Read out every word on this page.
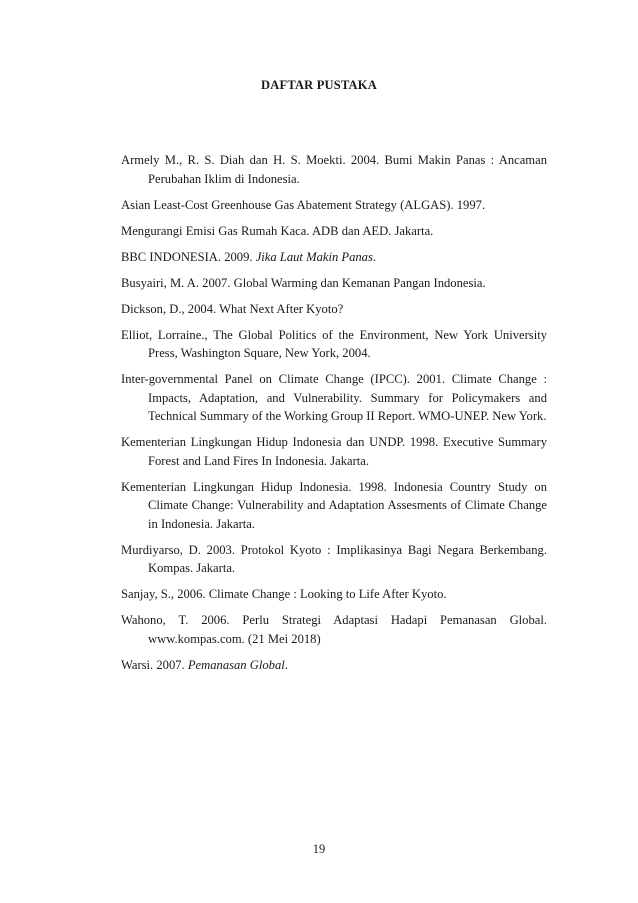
DAFTAR PUSTAKA
Armely M., R. S. Diah dan H. S. Moekti. 2004. Bumi Makin Panas : Ancaman Perubahan Iklim di Indonesia.
Asian Least-Cost Greenhouse Gas Abatement Strategy (ALGAS). 1997.
Mengurangi Emisi Gas Rumah Kaca. ADB dan AED. Jakarta.
BBC INDONESIA. 2009. Jika Laut Makin Panas.
Busyairi, M. A. 2007. Global Warming dan Kemanan Pangan Indonesia.
Dickson, D., 2004. What Next After Kyoto?
Elliot, Lorraine., The Global Politics of the Environment, New York University Press, Washington Square, New York, 2004.
Inter-governmental Panel on Climate Change (IPCC). 2001. Climate Change : Impacts, Adaptation, and Vulnerability. Summary for Policymakers and Technical Summary of the Working Group II Report. WMO-UNEP. New York.
Kementerian Lingkungan Hidup Indonesia dan UNDP. 1998. Executive Summary Forest and Land Fires In Indonesia. Jakarta.
Kementerian Lingkungan Hidup Indonesia. 1998. Indonesia Country Study on Climate Change: Vulnerability and Adaptation Assesments of Climate Change in Indonesia. Jakarta.
Murdiyarso, D. 2003. Protokol Kyoto : Implikasinya Bagi Negara Berkembang. Kompas. Jakarta.
Sanjay, S., 2006. Climate Change : Looking to Life After Kyoto.
Wahono, T. 2006. Perlu Strategi Adaptasi Hadapi Pemanasan Global. www.kompas.com. (21 Mei 2018)
Warsi. 2007. Pemanasan Global.
19
